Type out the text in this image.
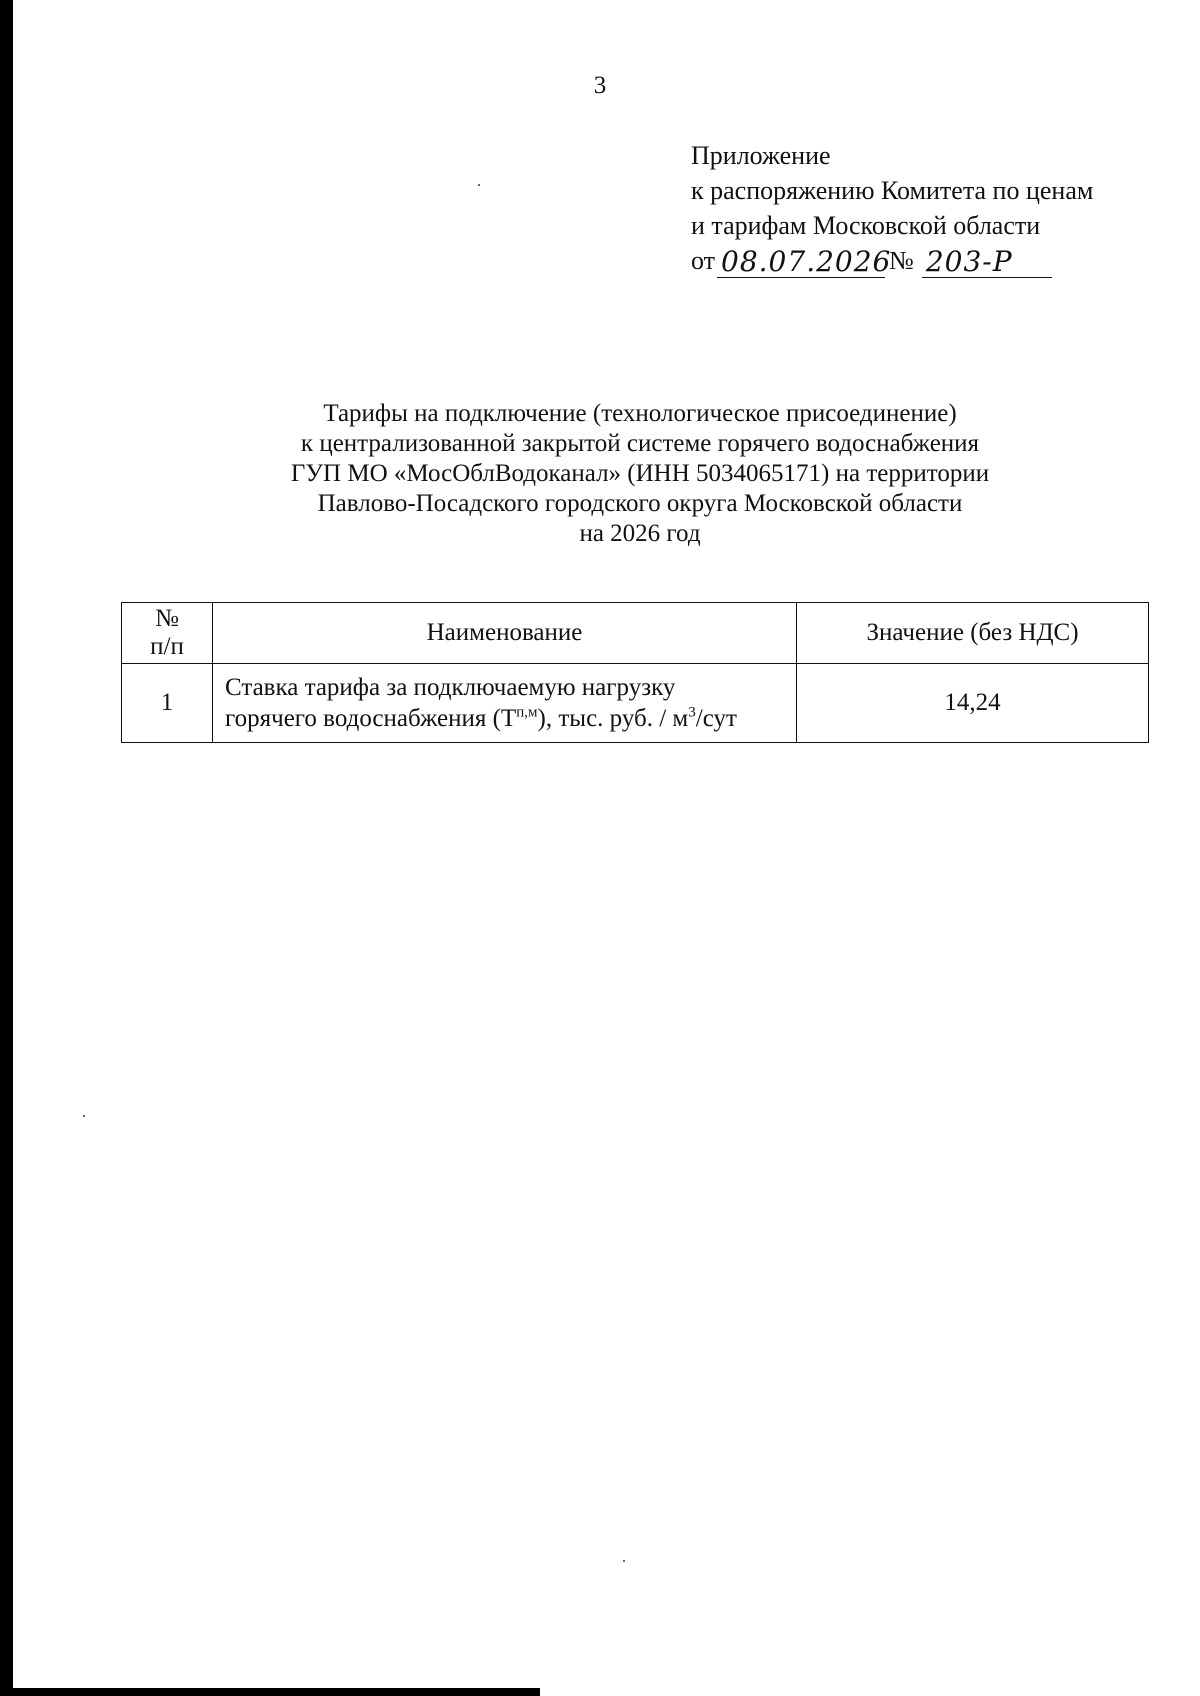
3
Приложение
к распоряжению Комитета по ценам
и тарифам Московской области
от 08.07.2026
№ 203-Р
Тарифы на подключение (технологическое присоединение)
к централизованной закрытой системе горячего водоснабжения
ГУП МО «МосОблВодоканал» (ИНН 5034065171) на территории
Павлово-Посадского городского округа Московской области
на 2026 год
№
п/п	Наименование	Значение (без НДС)
1	Ставка тарифа за подключаемую нагрузку
горячего водоснабжения $(Т^{п,м})$, тыс. руб. / $м^3$/сут	14,24
